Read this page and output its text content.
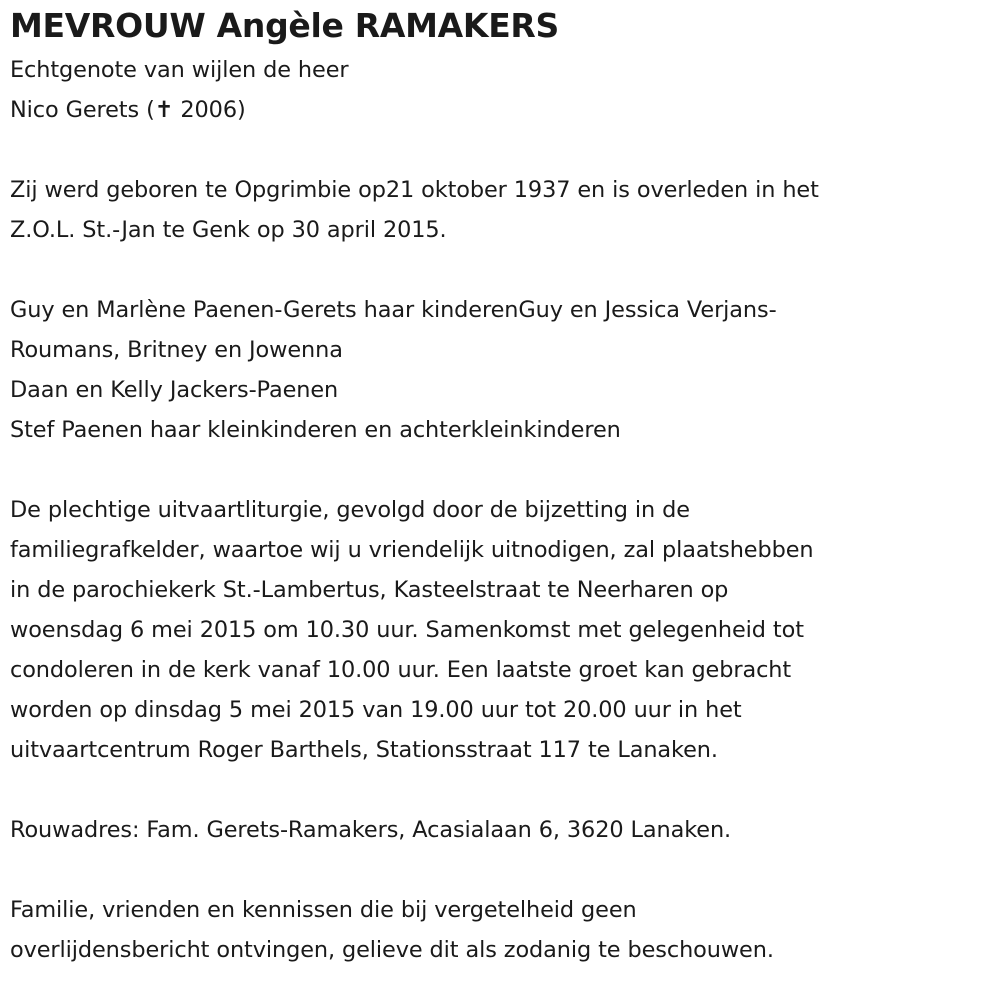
MEVROUW Angèle RAMAKERS
Echtgenote van wijlen de heer
Nico Gerets (✝ 2006)
Zij werd geboren te Opgrimbie op21 oktober 1937 en is overleden in het
Z.O.L. St.-Jan te Genk op 30 april 2015.
Guy en Marlène Paenen-Gerets haar kinderenGuy en Jessica Verjans-
Roumans, Britney en Jowenna
Daan en Kelly Jackers-Paenen
Stef Paenen haar kleinkinderen en achterkleinkinderen
De plechtige uitvaartliturgie, gevolgd door de bijzetting in de
familiegrafkelder, waartoe wij u vriendelijk uitnodigen, zal plaatshebben
in de parochiekerk St.-Lambertus, Kasteelstraat te Neerharen op
woensdag 6 mei 2015 om 10.30 uur. Samenkomst met gelegenheid tot
condoleren in de kerk vanaf 10.00 uur. Een laatste groet kan gebracht
worden op dinsdag 5 mei 2015 van 19.00 uur tot 20.00 uur in het
uitvaartcentrum Roger Barthels, Stationsstraat 117 te Lanaken.
Rouwadres: Fam. Gerets-Ramakers, Acasialaan 6, 3620 Lanaken.
Familie, vrienden en kennissen die bij vergetelheid geen
overlijdensbericht ontvingen, gelieve dit als zodanig te beschouwen.
